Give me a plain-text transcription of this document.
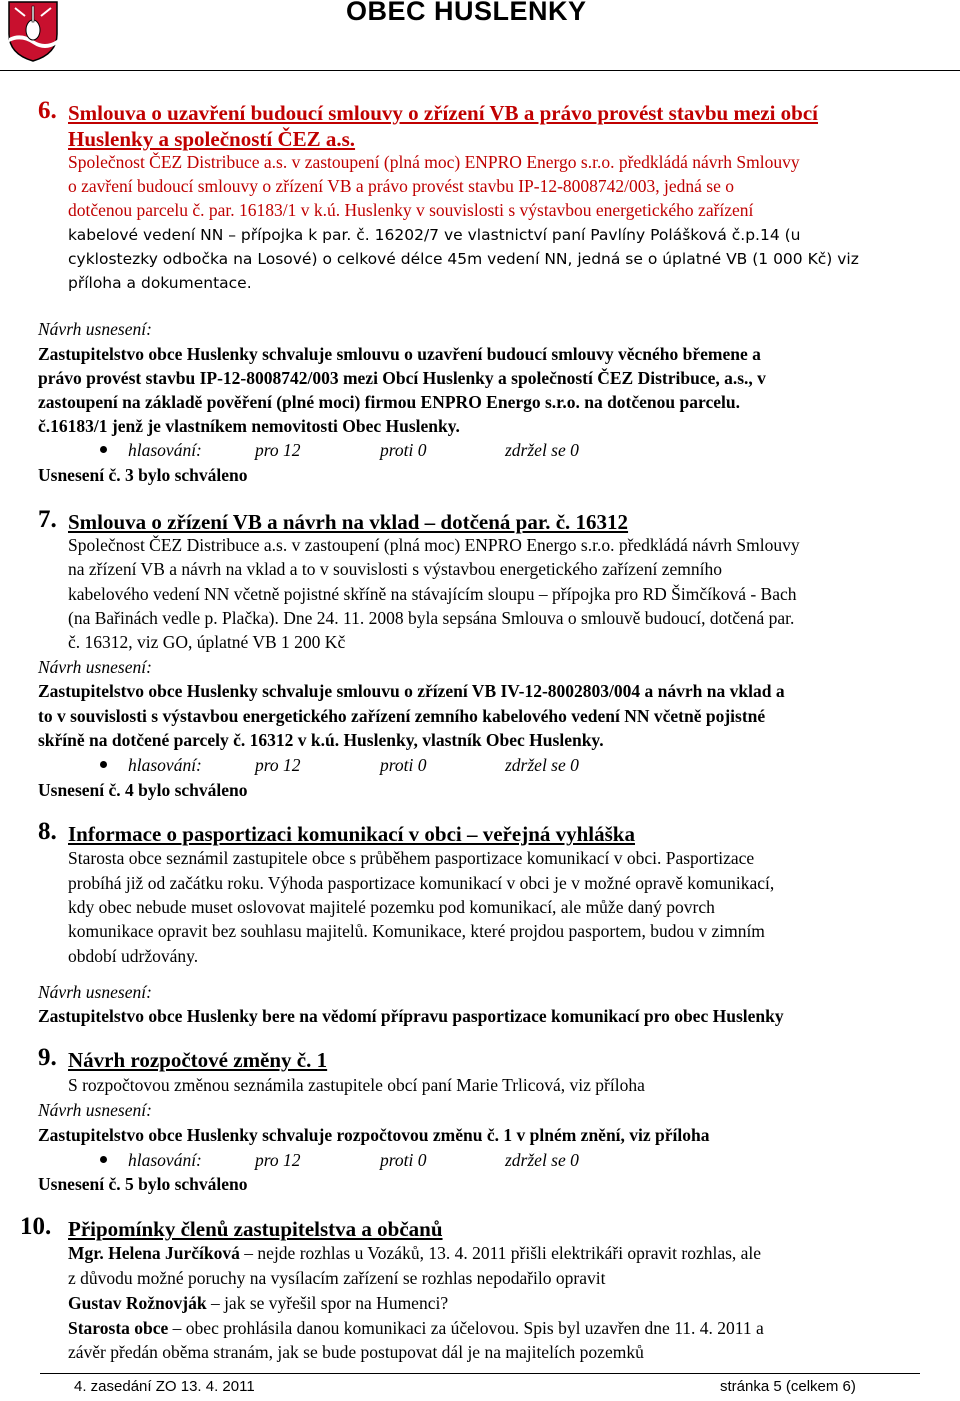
OBEC HUSLENKY
6. Smlouva o uzavření budoucí smlouvy o zřízení VB a právo provést stavbu mezi obcí
Huslenky a společností ČEZ a.s.
Společnost ČEZ Distribuce a.s. v zastoupení (plná moc) ENPRO Energo s.r.o. předkládá návrh Smlouvy
o zavření budoucí smlouvy o zřízení VB a právo provést stavbu IP-12-8008742/003, jedná se o
dotčenou parcelu č. par. 16183/1 v k.ú. Huslenky v souvislosti s výstavbou energetického zařízení
kabelové vedení NN – přípojka k par. č. 16202/7 ve vlastnictví paní Pavlíny Polášková č.p.14 (u
cyklostezky odbočka na Losové) o celkové délce 45m vedení NN, jedná se o úplatné VB (1 000 Kč) viz
příloha a dokumentace.
Návrh usnesení:
Zastupitelstvo obce Huslenky schvaluje smlouvu o uzavření budoucí smlouvy věcného břemene a
právo provést stavbu IP-12-8008742/003 mezi Obcí Huslenky a společností ČEZ Distribuce, a.s., v
zastoupení na základě pověření (plné moci) firmou ENPRO Energo s.r.o. na dotčenou parcelu.
č.16183/1 jenž je vlastníkem nemovitosti Obec Huslenky.
hlasování:	pro 12	proti 0	zdržel se 0
Usnesení č. 3 bylo schváleno
7. Smlouva o zřízení VB a návrh na vklad – dotčená par. č. 16312
Společnost ČEZ Distribuce a.s. v zastoupení (plná moc) ENPRO Energo s.r.o. předkládá návrh Smlouvy
na zřízení VB a návrh na vklad a to v souvislosti s výstavbou energetického zařízení zemního
kabelového vedení NN včetně pojistné skříně na stávajícím sloupu – přípojka pro RD Šimčíková - Bach
(na Bařinách vedle p. Plačka). Dne 24. 11. 2008 byla sepsána Smlouva o smlouvě budoucí, dotčená par.
č. 16312, viz GO, úplatné VB 1 200 Kč
Návrh usnesení:
Zastupitelstvo obce Huslenky schvaluje smlouvu o zřízení VB IV-12-8002803/004 a návrh na vklad a
to v souvislosti s výstavbou energetického zařízení zemního kabelového vedení NN včetně pojistné
skříně na dotčené parcely č. 16312 v k.ú. Huslenky, vlastník Obec Huslenky.
hlasování:	pro 12	proti 0	zdržel se 0
Usnesení č. 4 bylo schváleno
8. Informace o pasportizaci komunikací v obci – veřejná vyhláška
Starosta obce seznámil zastupitele obce s průběhem pasportizace komunikací v obci. Pasportizace
probíhá již od začátku roku. Výhoda pasportizace komunikací v obci je v možné opravě komunikací,
kdy obec nebude muset oslovovat majitelé pozemku pod komunikací, ale může daný povrch
komunikace opravit bez souhlasu majitelů. Komunikace, které projdou pasportem, budou v zimním
období udržovány.
Návrh usnesení:
Zastupitelstvo obce Huslenky bere na vědomí přípravu pasportizace komunikací pro obec Huslenky
9. Návrh rozpočtové změny č. 1
S rozpočtovou změnou seznámila zastupitele obcí paní Marie Trlicová, viz příloha
Návrh usnesení:
Zastupitelstvo obce Huslenky schvaluje rozpočtovou změnu č. 1 v plném znění, viz příloha
hlasování:	pro 12	proti 0	zdržel se 0
Usnesení č. 5 bylo schváleno
10. Připomínky členů zastupitelstva a občanů
Mgr. Helena Jurčíková – nejde rozhlas u Vozáků, 13. 4. 2011 přišli elektrikáři opravit rozhlas, ale
z důvodu možné poruchy na vysílacím zařízení se rozhlas nepodařilo opravit
Gustav Rožnovják – jak se vyřešil spor na Humenci?
Starosta obce – obec prohlásila danou komunikaci za účelovou. Spis byl uzavřen dne 11. 4. 2011 a
závěr předán oběma stranám, jak se bude postupovat dál je na majitelích pozemků
4. zasedání ZO 13. 4. 2011	stránka 5 (celkem 6)
